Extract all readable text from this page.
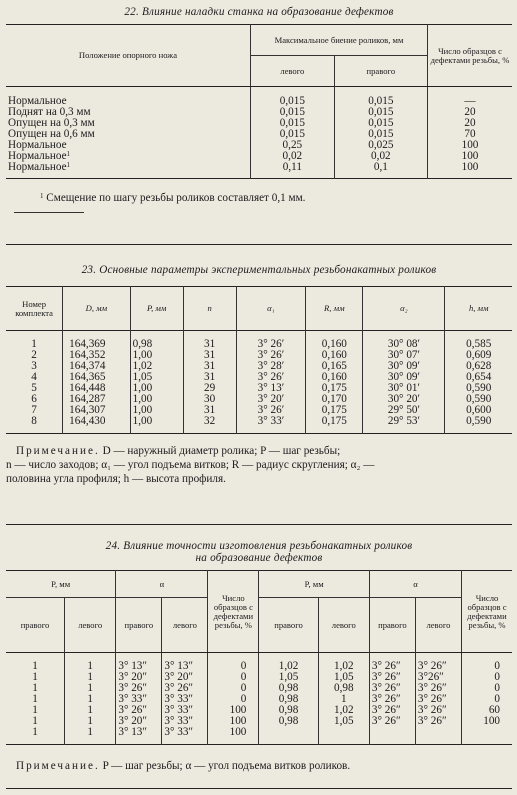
22. Влияние наладки станка на образование дефектов
Положение опорного ножа	Максимальное биение роликов, мм		Число образцов с дефектами резьбы, %
	левого	правого	
Нормальное	0,015	0,015	—
Поднят на 0,3 мм	0,015	0,015	20
Опущен на 0,3 мм	0,015	0,015	20
Опущен на 0,6 мм	0,015	0,015	70
Нормальное	0,25	0,025	100
Нормальное$^1$	0,02	0,02	100
Нормальное$^1$	0,11	0,1	100

$^1$ Смещение по шагу резьбы роликов составляет 0,1 мм.
23. Основные параметры экспериментальных резьбонакатных роликов
Номер комплекта	D, мм	P, мм	n	α₁	R, мм	α₂	h, мм
1	164,369	0,98	31	3° 26′	0,160	30° 08′	0,585
2	164,352	1,00	31	3° 26′	0,160	30° 07′	0,609
3	164,374	1,02	31	3° 28′	0,165	30° 09′	0,628
4	164,365	1,05	31	3° 26′	0,160	30° 09′	0,654
5	164,448	1,00	29	3° 13′	0,175	30° 01′	0,590
6	164,287	1,00	30	3° 20′	0,170	30° 20′	0,590
7	164,307	1,00	31	3° 26′	0,175	29° 50′	0,600
8	164,430	1,00	32	3° 33′	0,175	29° 53′	0,590
Примечание. D — наружный диаметр ролика; P — шаг резьбы;
n — число заходов; α₁ — угол подъема витков; R — радиус скругления; α₂ —
половина угла профиля; h — высота профиля.
24. Влияние точности изготовления резьбонакатных роликов
на образование дефектов
P, мм		α		Число образцов с дефектами резьбы, %	P, мм		α		Число образцов с дефектами резьбы, %
правого	левого	правого	левого		правого	левого	правого	левого	
1	1	3° 13″	3° 13″	0	1,02	1,02	3° 26″	3° 26″	0
1	1	3° 20″	3° 20″	0	1,05	1,05	3° 26″	3°26″	0
1	1	3° 26″	3° 26″	0	0,98	0,98	3° 26″	3° 26″	0
1	1	3° 33″	3° 33″	0	0,98	1	3° 26″	3° 26″	0
1	1	3° 26″	3° 33″	100	0,98	1,02	3° 26″	3° 26″	60
1	1	3° 20″	3° 33″	100	0,98	1,05	3° 26″	3° 26″	100
1	1	3° 13″	3° 33″	100					
Примечание. P — шаг резьбы; α — угол подъема витков роликов.
